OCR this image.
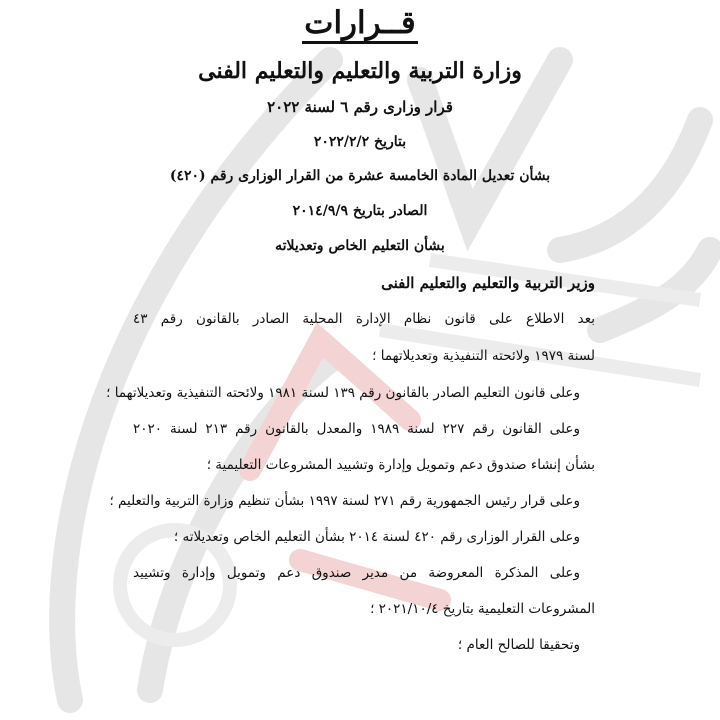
قــرارات
وزارة التربية والتعليم والتعليم الفنى
قرار وزارى رقم ٦ لسنة ٢٠٢٢
بتاريخ ٢٠٢٢/٢/٢
بشأن تعديل المادة الخامسة عشرة من القرار الوزارى رقم (٤٢٠)
الصادر بتاريخ ٢٠١٤/٩/٩
بشأن التعليم الخاص وتعديلاته
وزير التربية والتعليم والتعليم الفنى
بعد الاطلاع على قانون نظام الإدارة المحلية الصادر بالقانون رقم ٤٣
لسنة ١٩٧٩ ولائحته التنفيذية وتعديلاتهما ؛
وعلى قانون التعليم الصادر بالقانون رقم ١٣٩ لسنة ١٩٨١ ولائحته التنفيذية وتعديلاتهما ؛
وعلى القانون رقم ٢٢٧ لسنة ١٩٨٩ والمعدل بالقانون رقم ٢١٣ لسنة ٢٠٢٠
بشأن إنشاء صندوق دعم وتمويل وإدارة وتشييد المشروعات التعليمية ؛
وعلى قرار رئيس الجمهورية رقم ٢٧١ لسنة ١٩٩٧ بشأن تنظيم وزارة التربية والتعليم ؛
وعلى القرار الوزارى رقم ٤٢٠ لسنة ٢٠١٤ بشأن التعليم الخاص وتعديلاته ؛
وعلى المذكرة المعروضة من مدير صندوق دعم وتمويل وإدارة وتشييد
المشروعات التعليمية بتاريخ ٢٠٢١/١٠/٤ ؛
وتحقيقا للصالح العام ؛
